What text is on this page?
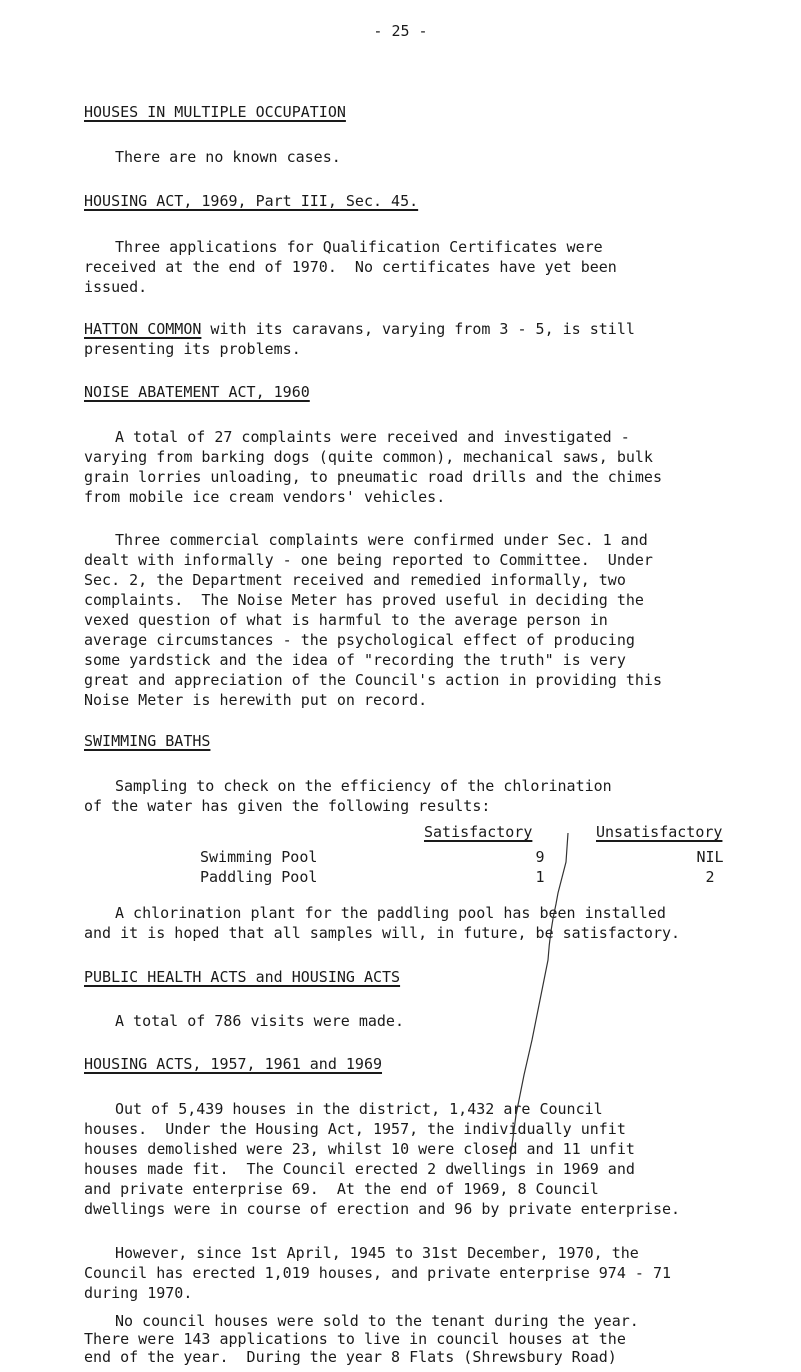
- 25 -
HOUSES IN MULTIPLE OCCUPATION
There are no known cases.
HOUSING ACT, 1969, Part III, Sec. 45.
Three applications for Qualification Certificates were
received at the end of 1970.  No certificates have yet been
issued.
HATTON COMMON with its caravans, varying from 3 - 5, is still
presenting its problems.
NOISE ABATEMENT ACT, 1960
A total of 27 complaints were received and investigated -
varying from barking dogs (quite common), mechanical saws, bulk
grain lorries unloading, to pneumatic road drills and the chimes
from mobile ice cream vendors' vehicles.
Three commercial complaints were confirmed under Sec. 1 and
dealt with informally - one being reported to Committee.  Under
Sec. 2, the Department received and remedied informally, two
complaints.  The Noise Meter has proved useful in deciding the
vexed question of what is harmful to the average person in
average circumstances - the psychological effect of producing
some yardstick and the idea of "recording the truth" is very
great and appreciation of the Council's action in providing this
Noise Meter is herewith put on record.
SWIMMING BATHS
Sampling to check on the efficiency of the chlorination
of the water has given the following results:
Satisfactory	Unsatisfactory
Swimming Pool	9	NIL
Paddling Pool	1	2
A chlorination plant for the paddling pool has been installed
and it is hoped that all samples will, in future, be satisfactory.
PUBLIC HEALTH ACTS and HOUSING ACTS
A total of 786 visits were made.
HOUSING ACTS, 1957, 1961 and 1969
Out of 5,439 houses in the district, 1,432 are Council
houses.  Under the Housing Act, 1957, the individually unfit
houses demolished were 23, whilst 10 were closed and 11 unfit
houses made fit.  The Council erected 2 dwellings in 1969 and
and private enterprise 69.  At the end of 1969, 8 Council
dwellings were in course of erection and 96 by private enterprise.
However, since 1st April, 1945 to 31st December, 1970, the
Council has erected 1,019 houses, and private enterprise 974 - 71
during 1970.
No council houses were sold to the tenant during the year.
There were 143 applications to live in council houses at the
end of the year.  During the year 8 Flats (Shrewsbury Road)
